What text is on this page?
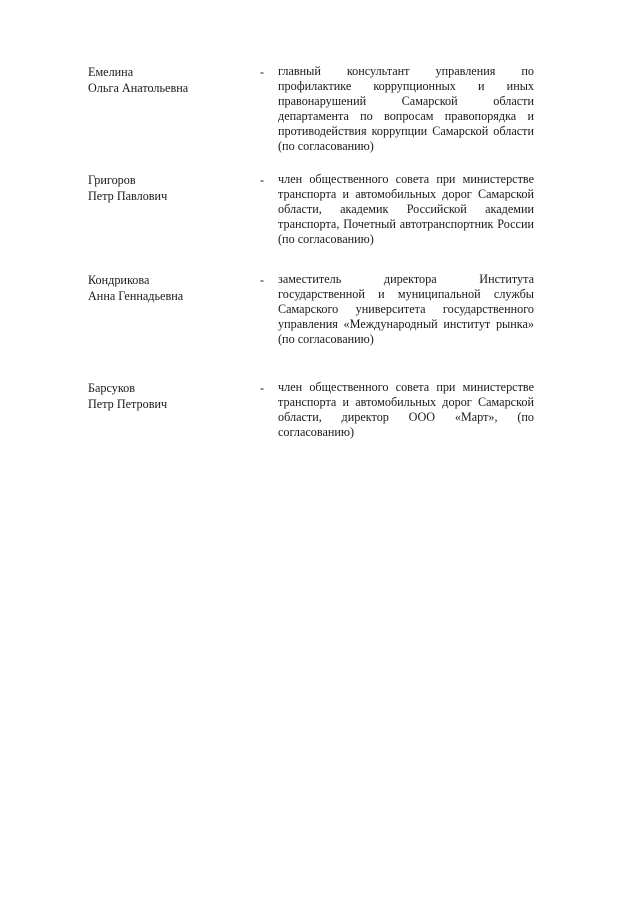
Емелина
Ольга Анатольевна
- главный консультант управления по профилактике коррупционных и иных правонарушений Самарской области департамента по вопросам правопорядка и противодействия коррупции Самарской области (по согласованию)
Григоров
Петр Павлович
- член общественного совета при министерстве транспорта и автомобильных дорог Самарской области, академик Российской академии транспорта, Почетный автотранспортник России (по согласованию)
Кондрикова
Анна Геннадьевна
- заместитель директора Института государственной и муниципальной службы Самарского университета государственного управления «Международный институт рынка» (по согласованию)
Барсуков
Петр Петрович
- член общественного совета при министерстве транспорта и автомобильных дорог Самарской области, директор ООО «Март», (по согласованию)
